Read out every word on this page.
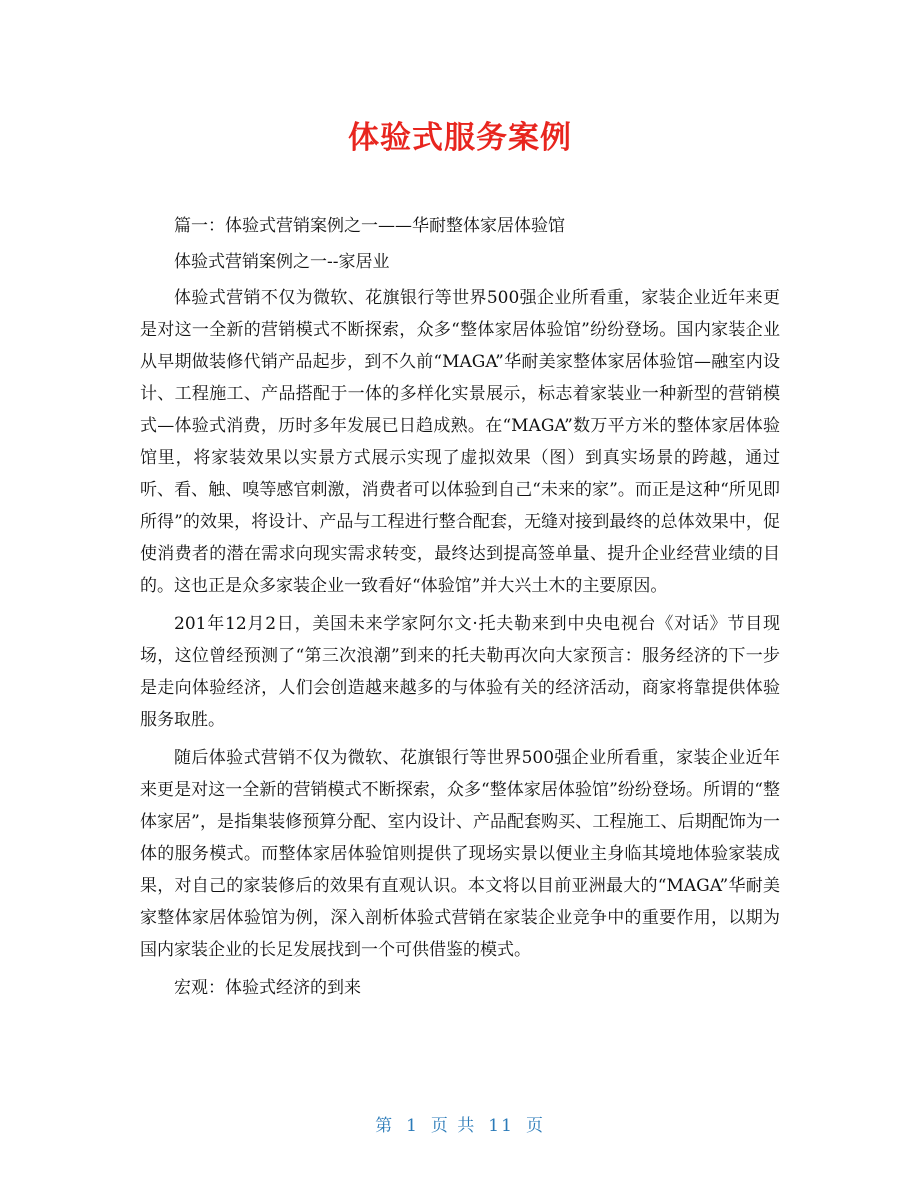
体验式服务案例

篇一：体验式营销案例之一——华耐整体家居体验馆

体验式营销案例之一--家居业

体验式营销不仅为微软、花旗银行等世界500强企业所看重，家装企业近年来更是对这一全新的营销模式不断探索，众多“整体家居体验馆”纷纷登场。国内家装企业从早期做装修代销产品起步，到不久前“MAGA”华耐美家整体家居体验馆—融室内设计、工程施工、产品搭配于一体的多样化实景展示，标志着家装业一种新型的营销模式—体验式消费，历时多年发展已日趋成熟。在“MAGA”数万平方米的整体家居体验馆里，将家装效果以实景方式展示实现了虚拟效果（图）到真实场景的跨越，通过听、看、触、嗅等感官刺激，消费者可以体验到自己“未来的家”。而正是这种“所见即所得”的效果，将设计、产品与工程进行整合配套，无缝对接到最终的总体效果中，促使消费者的潜在需求向现实需求转变，最终达到提高签单量、提升企业经营业绩的目的。这也正是众多家装企业一致看好“体验馆”并大兴土木的主要原因。

201年12月2日，美国未来学家阿尔文·托夫勒来到中央电视台《对话》节目现场，这位曾经预测了“第三次浪潮”到来的托夫勒再次向大家预言：服务经济的下一步是走向体验经济，人们会创造越来越多的与体验有关的经济活动，商家将靠提供体验服务取胜。

随后体验式营销不仅为微软、花旗银行等世界500强企业所看重，家装企业近年来更是对这一全新的营销模式不断探索，众多“整体家居体验馆”纷纷登场。所谓的“整体家居”，是指集装修预算分配、室内设计、产品配套购买、工程施工、后期配饰为一体的服务模式。而整体家居体验馆则提供了现场实景以便业主身临其境地体验家装成果，对自己的家装修后的效果有直观认识。本文将以目前亚洲最大的“MAGA”华耐美家整体家居体验馆为例，深入剖析体验式营销在家装企业竞争中的重要作用，以期为国内家装企业的长足发展找到一个可供借鉴的模式。

宏观：体验式经济的到来

第 1 页 共 11 页
